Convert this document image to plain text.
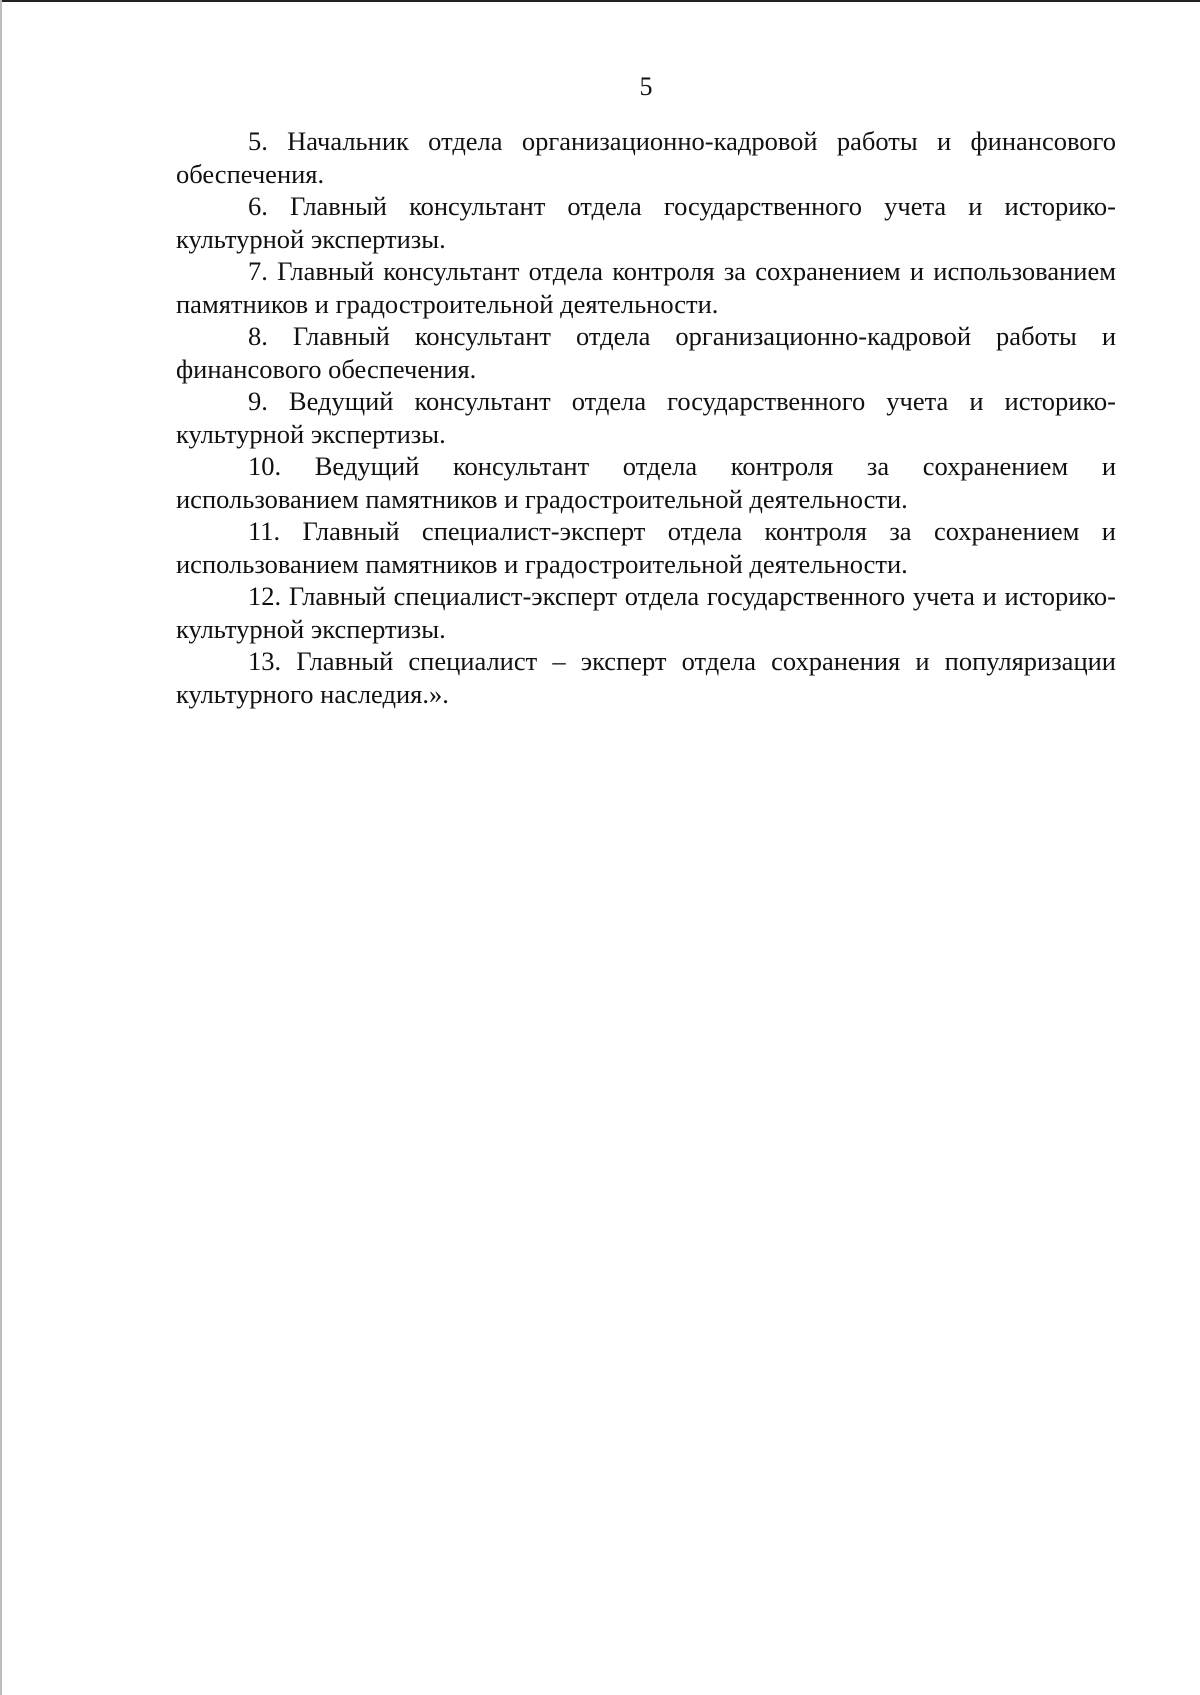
5

5. Начальник отдела организационно-кадровой работы и финансового обеспечения.

6. Главный консультант отдела государственного учета и историко-культурной экспертизы.

7. Главный консультант отдела контроля за сохранением и использованием памятников и градостроительной деятельности.

8. Главный консультант отдела организационно-кадровой работы и финансового обеспечения.

9. Ведущий консультант отдела государственного учета и историко-культурной экспертизы.

10. Ведущий консультант отдела контроля за сохранением и использованием памятников и градостроительной деятельности.

11. Главный специалист-эксперт отдела контроля за сохранением и использованием памятников и градостроительной деятельности.

12. Главный специалист-эксперт отдела государственного учета и историко-культурной экспертизы.

13. Главный специалист – эксперт отдела сохранения и популяризации культурного наследия.».
